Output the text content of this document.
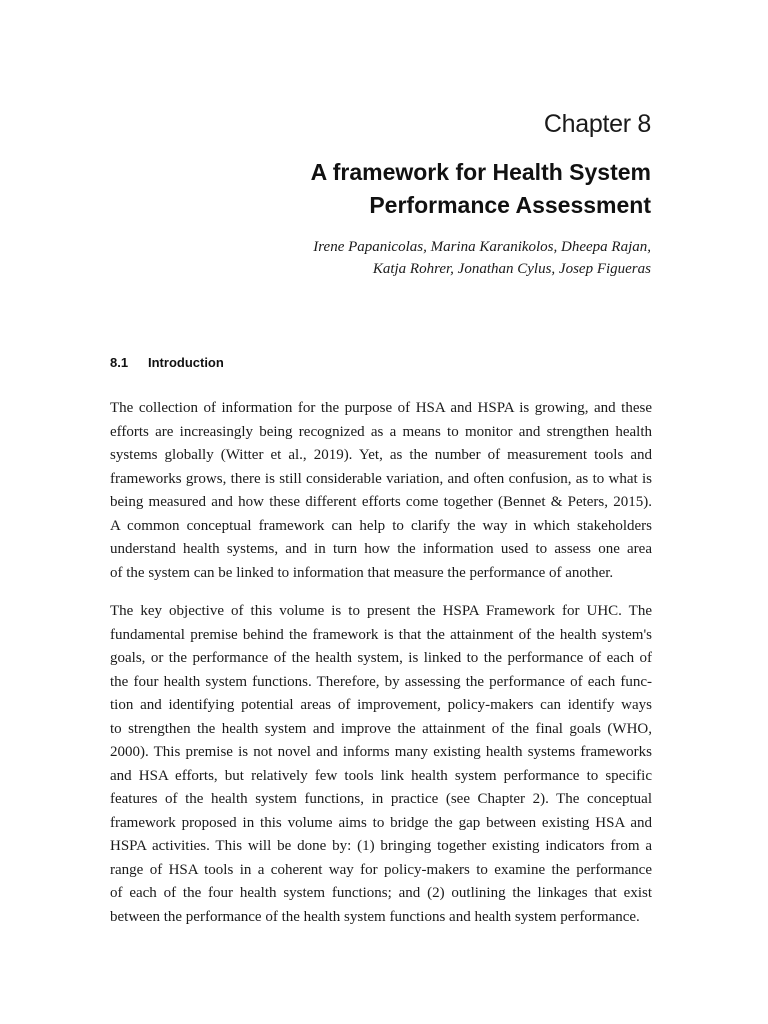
Chapter 8
A framework for Health System
Performance Assessment

Irene Papanicolas, Marina Karanikolos, Dheepa Rajan,
Katja Rohrer, Jonathan Cylus, Josep Figueras

8.1 Introduction

The collection of information for the purpose of HSA and HSPA is growing, and these
efforts are increasingly being recognized as a means to monitor and strengthen health
systems globally (Witter et al., 2019). Yet, as the number of measurement tools and
frameworks grows, there is still considerable variation, and often confusion, as to what is
being measured and how these different efforts come together (Bennet & Peters, 2015).
A common conceptual framework can help to clarify the way in which stakeholders
understand health systems, and in turn how the information used to assess one area
of the system can be linked to information that measure the performance of another.

The key objective of this volume is to present the HSPA Framework for UHC. The
fundamental premise behind the framework is that the attainment of the health system's
goals, or the performance of the health system, is linked to the performance of each of
the four health system functions. Therefore, by assessing the performance of each func-
tion and identifying potential areas of improvement, policy-makers can identify ways
to strengthen the health system and improve the attainment of the final goals (WHO,
2000). This premise is not novel and informs many existing health systems frameworks
and HSA efforts, but relatively few tools link health system performance to specific
features of the health system functions, in practice (see Chapter 2). The conceptual
framework proposed in this volume aims to bridge the gap between existing HSA and
HSPA activities. This will be done by: (1) bringing together existing indicators from a
range of HSA tools in a coherent way for policy-makers to examine the performance
of each of the four health system functions; and (2) outlining the linkages that exist
between the performance of the health system functions and health system performance.
